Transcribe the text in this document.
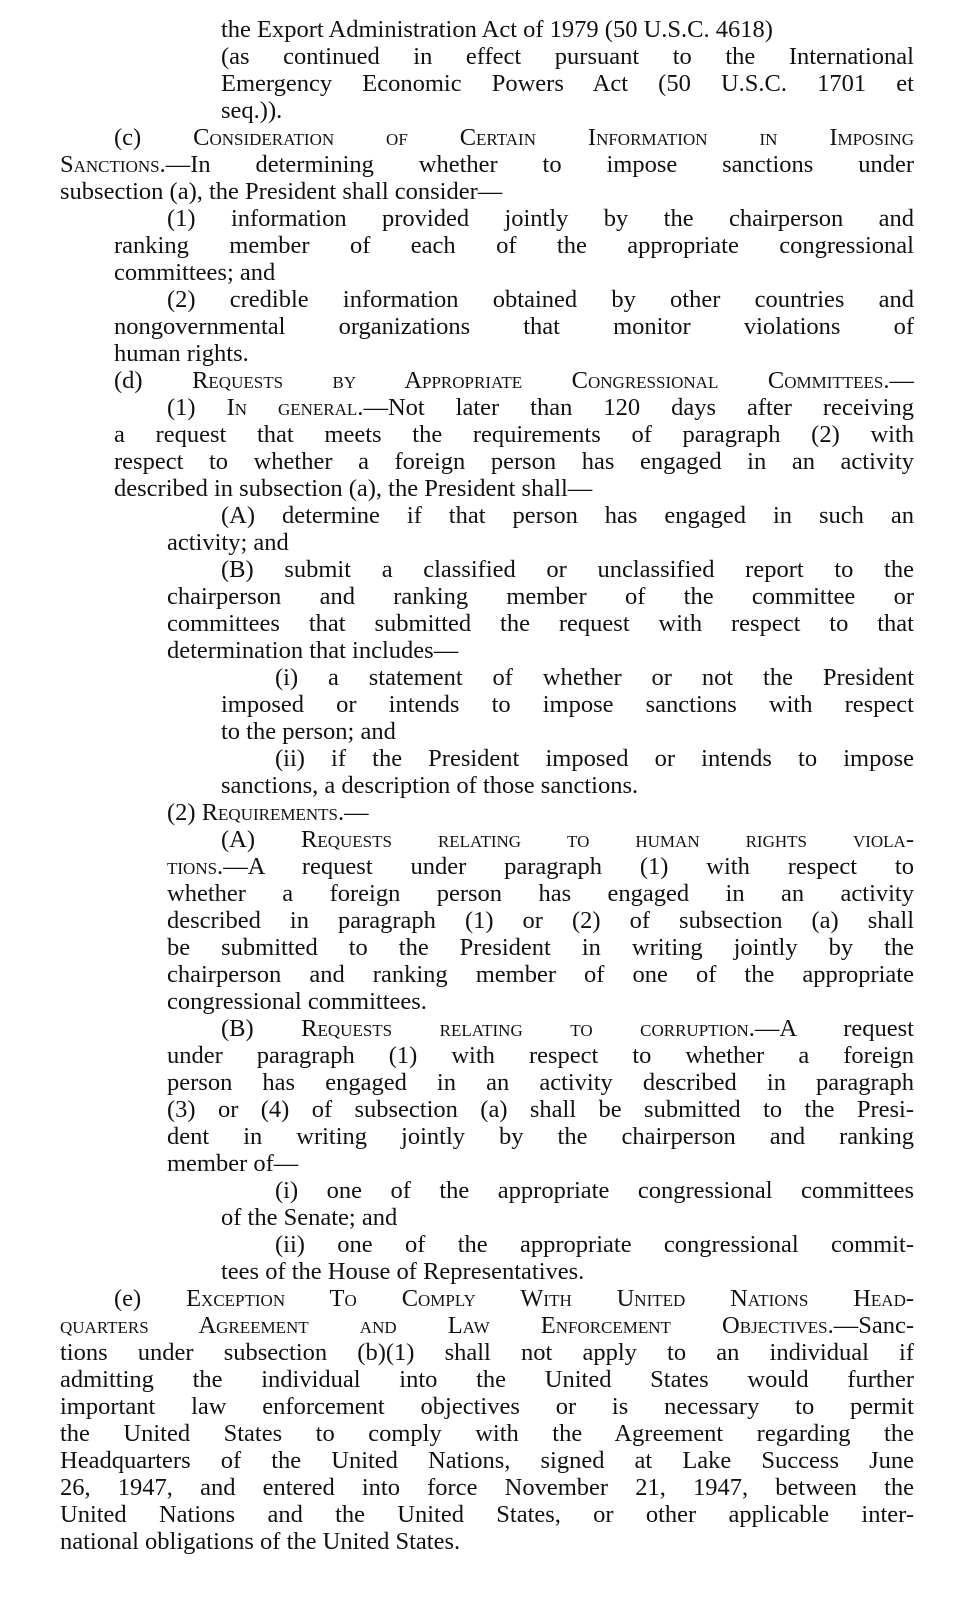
the Export Administration Act of 1979 (50 U.S.C. 4618)
(as continued in effect pursuant to the International
Emergency Economic Powers Act (50 U.S.C. 1701 et
seq.)).
(c) Consideration of Certain Information in Imposing
Sanctions.—In determining whether to impose sanctions under
subsection (a), the President shall consider—
(1) information provided jointly by the chairperson and
ranking member of each of the appropriate congressional
committees; and
(2) credible information obtained by other countries and
nongovernmental organizations that monitor violations of
human rights.
(d) Requests by Appropriate Congressional Committees.—
(1) In general.—Not later than 120 days after receiving
a request that meets the requirements of paragraph (2) with
respect to whether a foreign person has engaged in an activity
described in subsection (a), the President shall—
(A) determine if that person has engaged in such an
activity; and
(B) submit a classified or unclassified report to the
chairperson and ranking member of the committee or
committees that submitted the request with respect to that
determination that includes—
(i) a statement of whether or not the President
imposed or intends to impose sanctions with respect
to the person; and
(ii) if the President imposed or intends to impose
sanctions, a description of those sanctions.
(2) Requirements.—
(A) Requests relating to human rights viola-
tions.—A request under paragraph (1) with respect to
whether a foreign person has engaged in an activity
described in paragraph (1) or (2) of subsection (a) shall
be submitted to the President in writing jointly by the
chairperson and ranking member of one of the appropriate
congressional committees.
(B) Requests relating to corruption.—A request
under paragraph (1) with respect to whether a foreign
person has engaged in an activity described in paragraph
(3) or (4) of subsection (a) shall be submitted to the Presi-
dent in writing jointly by the chairperson and ranking
member of—
(i) one of the appropriate congressional committees
of the Senate; and
(ii) one of the appropriate congressional commit-
tees of the House of Representatives.
(e) Exception To Comply With United Nations Head-
quarters Agreement and Law Enforcement Objectives.—Sanc-
tions under subsection (b)(1) shall not apply to an individual if
admitting the individual into the United States would further
important law enforcement objectives or is necessary to permit
the United States to comply with the Agreement regarding the
Headquarters of the United Nations, signed at Lake Success June
26, 1947, and entered into force November 21, 1947, between the
United Nations and the United States, or other applicable inter-
national obligations of the United States.
